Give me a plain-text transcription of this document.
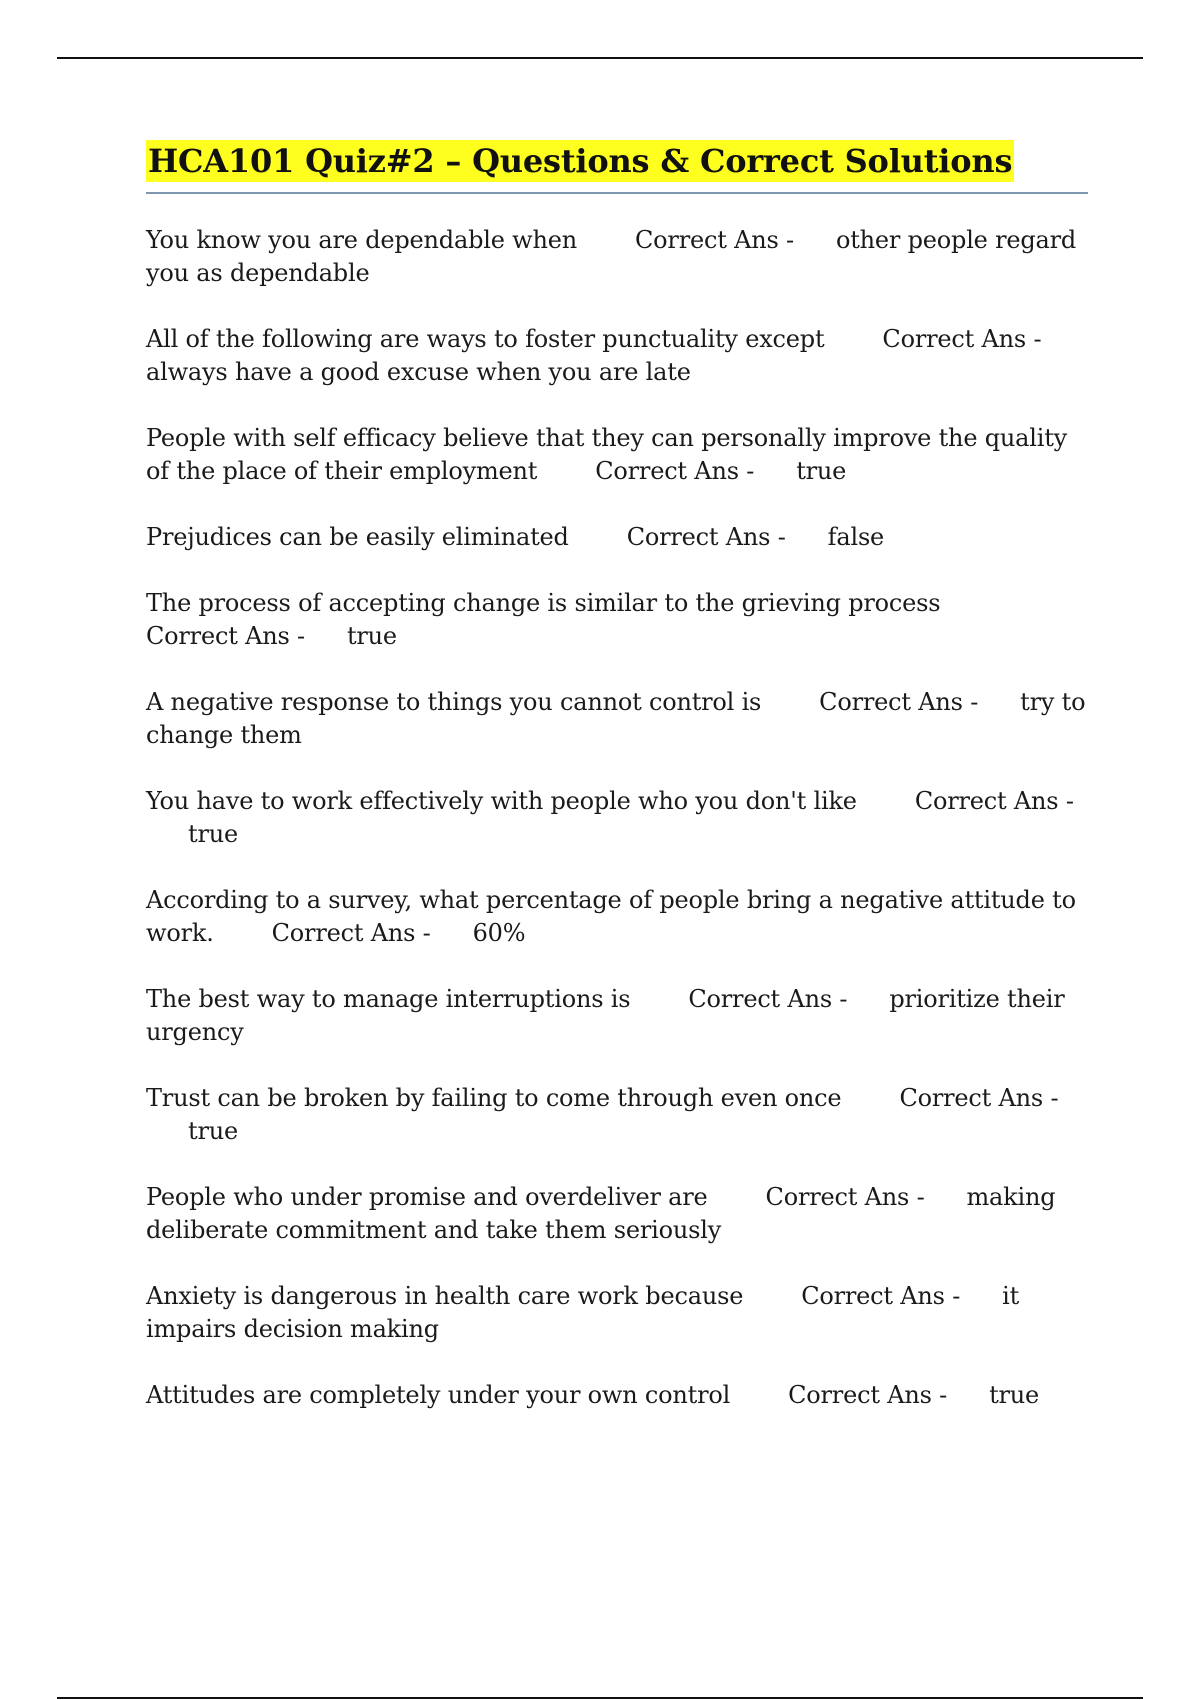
HCA101 Quiz#2 – Questions & Correct Solutions
You know you are dependable when Correct Ans - other people regard you as dependable
All of the following are ways to foster punctuality except Correct Ans -always have a good excuse when you are late
People with self efficacy believe that they can personally improve the quality of the place of their employment Correct Ans - true
Prejudices can be easily eliminated Correct Ans - false
The process of accepting change is similar to the grieving processCorrect Ans - true
A negative response to things you cannot control is Correct Ans - try to change them
You have to work effectively with people who you don't like Correct Ans -true
According to a survey, what percentage of people bring a negative attitude to work. Correct Ans - 60%
The best way to manage interruptions is Correct Ans - prioritize their urgency
Trust can be broken by failing to come through even once Correct Ans -true
People who under promise and overdeliver are Correct Ans - making deliberate commitment and take them seriously
Anxiety is dangerous in health care work because Correct Ans - it impairs decision making
Attitudes are completely under your own control Correct Ans - true
